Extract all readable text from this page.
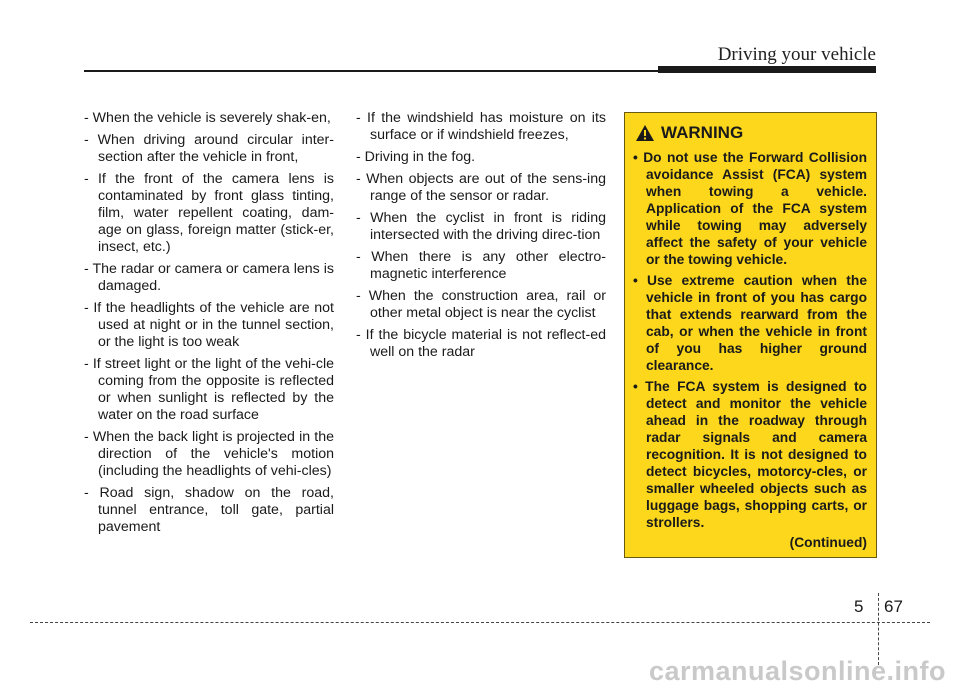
Driving your vehicle
- When the vehicle is severely shak-en,
- When driving around circular inter-section after the vehicle in front,
- If the front of the camera lens is contaminated by front glass tinting, film, water repellent coating, dam-age on glass, foreign matter (stick-er, insect, etc.)
- The radar or camera or camera lens is damaged.
- If the headlights of the vehicle are not used at night or in the tunnel section, or the light is too weak
- If street light or the light of the vehi-cle coming from the opposite is reflected or when sunlight is reflected by the water on the road surface
- When the back light is projected in the direction of the vehicle's motion (including the headlights of vehi-cles)
- Road sign, shadow on the road, tunnel entrance, toll gate, partial pavement
- If the windshield has moisture on its surface or if windshield freezes,
- Driving in the fog.
- When objects are out of the sens-ing range of the sensor or radar.
- When the cyclist in front is riding intersected with the driving direc-tion
- When there is any other electro-magnetic interference
- When the construction area, rail or other metal object is near the cyclist
- If the bicycle material is not reflect-ed well on the radar
WARNING
• Do not use the Forward Collision avoidance Assist (FCA) system when towing a vehicle. Application of the FCA system while towing may adversely affect the safety of your vehicle or the towing vehicle.
• Use extreme caution when the vehicle in front of you has cargo that extends rearward from the cab, or when the vehicle in front of you has higher ground clearance.
• The FCA system is designed to detect and monitor the vehicle ahead in the roadway through radar signals and camera recognition. It is not designed to detect bicycles, motorcy-cles, or smaller wheeled objects such as luggage bags, shopping carts, or strollers.
(Continued)
5 67
carmanualsonline.info
